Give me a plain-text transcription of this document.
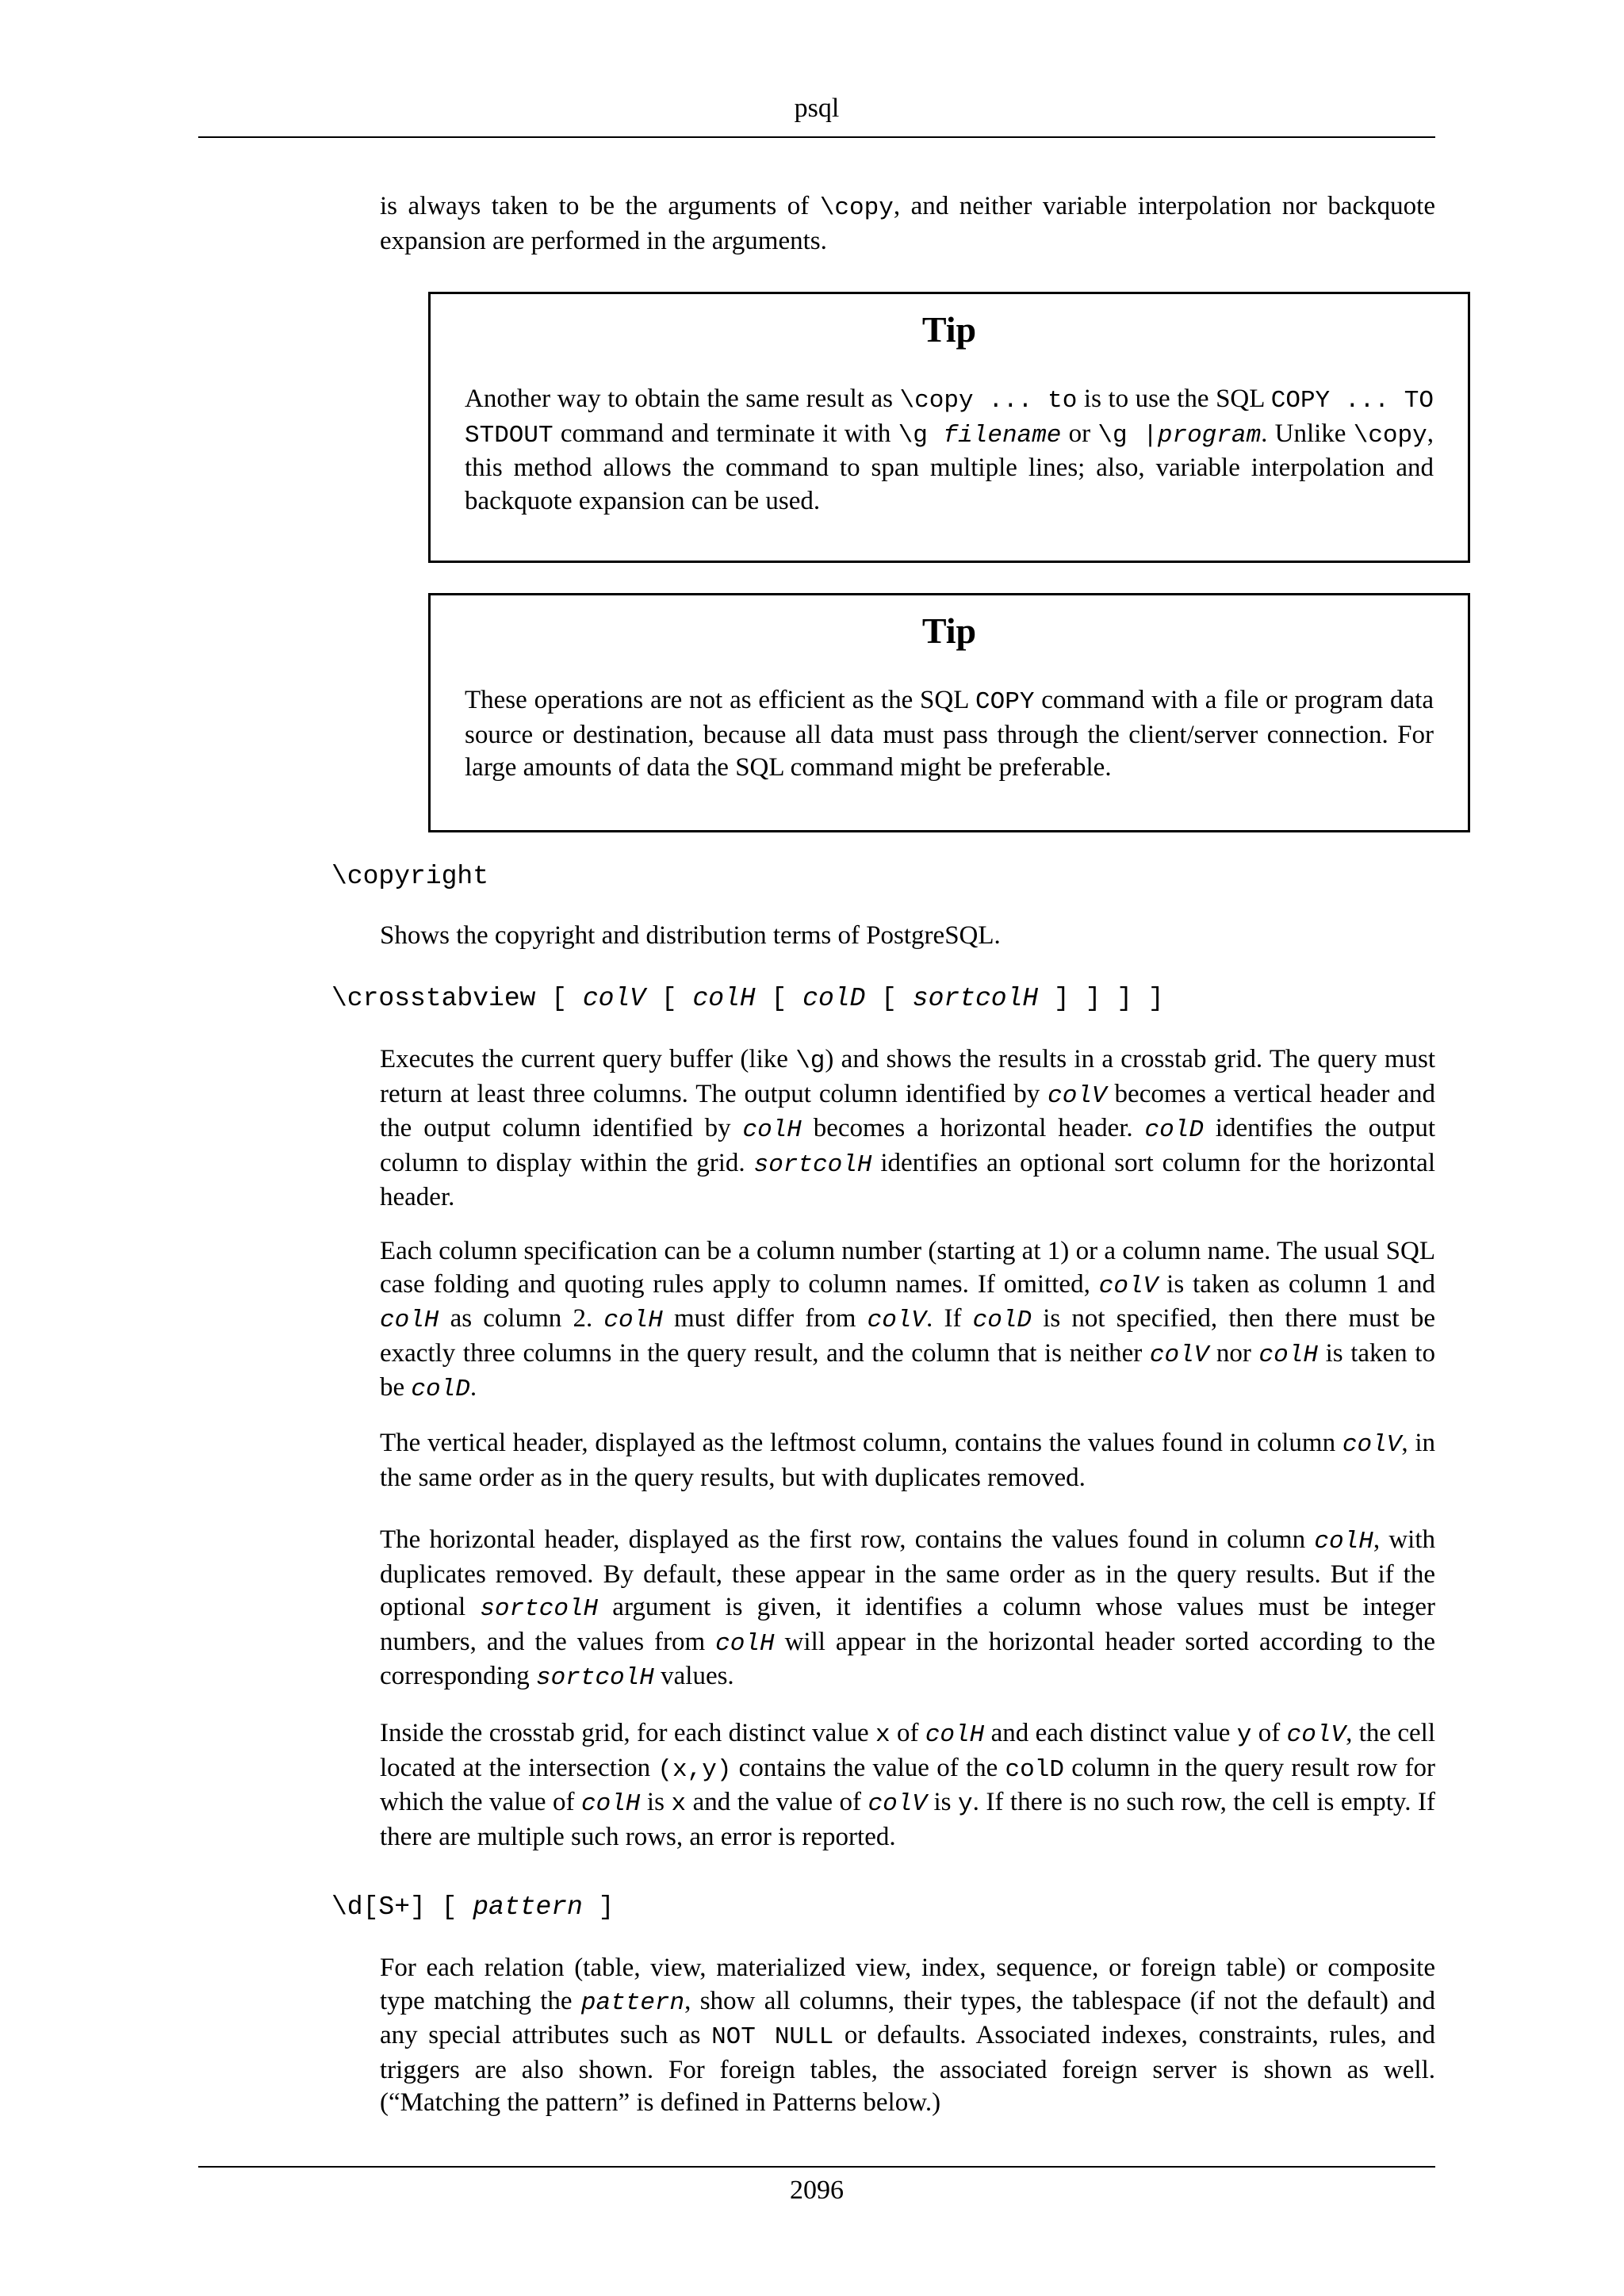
psql
is always taken to be the arguments of \copy, and neither variable interpolation nor backquote expansion are performed in the arguments.
Tip
Another way to obtain the same result as \copy ... to is to use the SQL COPY ... TO STDOUT command and terminate it with \g filename or \g |program. Unlike \copy, this method allows the command to span multiple lines; also, variable interpolation and backquote expansion can be used.
Tip
These operations are not as efficient as the SQL COPY command with a file or program data source or destination, because all data must pass through the client/server connection. For large amounts of data the SQL command might be preferable.
\copyright
Shows the copyright and distribution terms of PostgreSQL.
\crosstabview [ colV [ colH [ colD [ sortcolH ] ] ] ]
Executes the current query buffer (like \g) and shows the results in a crosstab grid. The query must return at least three columns. The output column identified by colV becomes a vertical header and the output column identified by colH becomes a horizontal header. colD identifies the output column to display within the grid. sortcolH identifies an optional sort column for the horizontal header.
Each column specification can be a column number (starting at 1) or a column name. The usual SQL case folding and quoting rules apply to column names. If omitted, colV is taken as column 1 and colH as column 2. colH must differ from colV. If colD is not specified, then there must be exactly three columns in the query result, and the column that is neither colV nor colH is taken to be colD.
The vertical header, displayed as the leftmost column, contains the values found in column colV, in the same order as in the query results, but with duplicates removed.
The horizontal header, displayed as the first row, contains the values found in column colH, with duplicates removed. By default, these appear in the same order as in the query results. But if the optional sortcolH argument is given, it identifies a column whose values must be integer numbers, and the values from colH will appear in the horizontal header sorted according to the corresponding sortcolH values.
Inside the crosstab grid, for each distinct value x of colH and each distinct value y of colV, the cell located at the intersection (x,y) contains the value of the colD column in the query result row for which the value of colH is x and the value of colV is y. If there is no such row, the cell is empty. If there are multiple such rows, an error is reported.
\d[S+] [ pattern ]
For each relation (table, view, materialized view, index, sequence, or foreign table) or composite type matching the pattern, show all columns, their types, the tablespace (if not the default) and any special attributes such as NOT NULL or defaults. Associated indexes, constraints, rules, and triggers are also shown. For foreign tables, the associated foreign server is shown as well. (“Matching the pattern” is defined in Patterns below.)
2096
